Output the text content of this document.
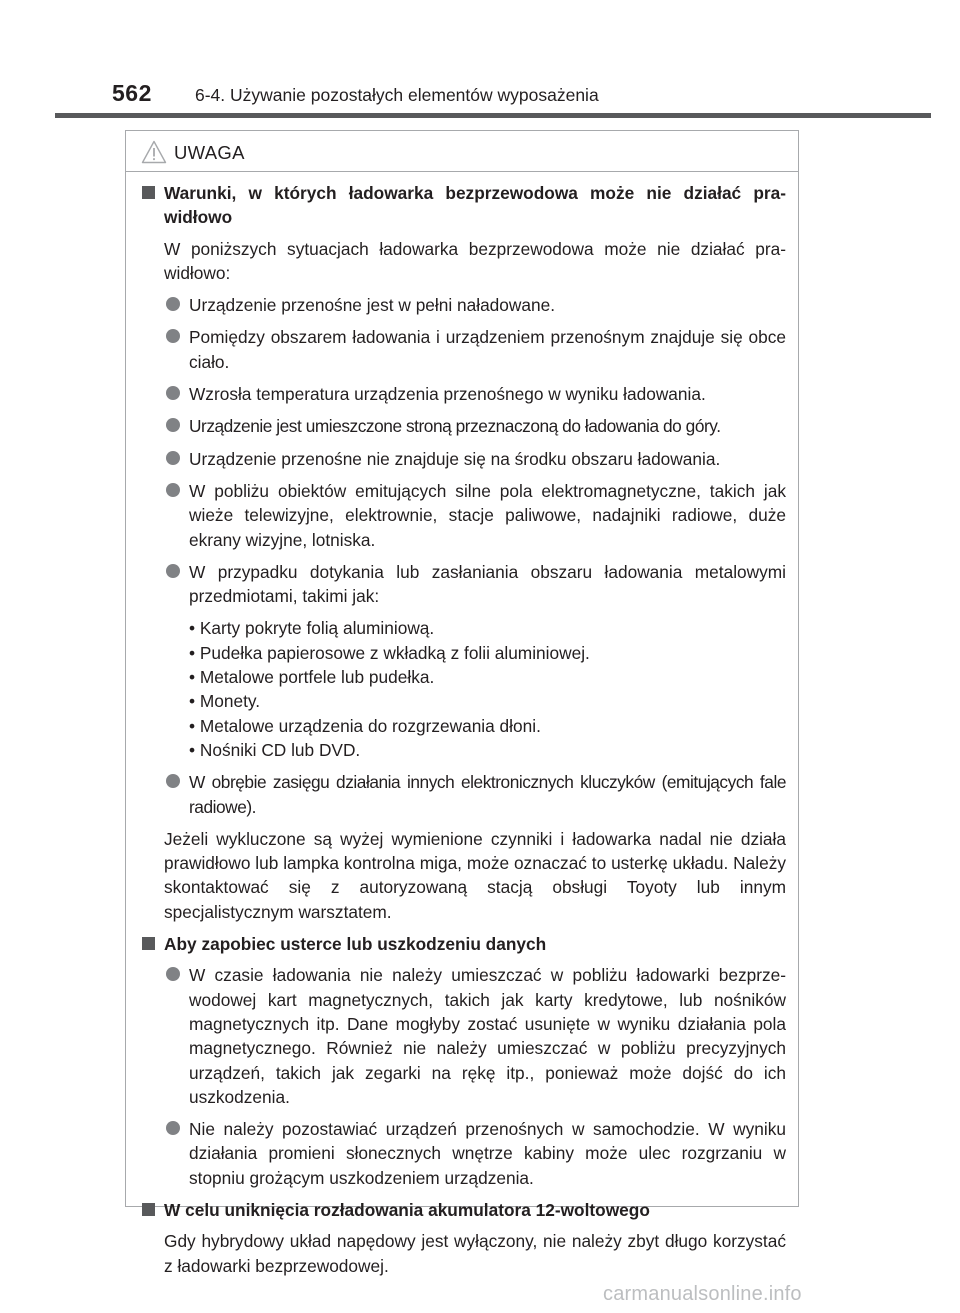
562 6-4. Używanie pozostałych elementów wyposażenia
UWAGA
Warunki, w których ładowarka bezprzewodowa może nie działać prawidłowo
W poniższych sytuacjach ładowarka bezprzewodowa może nie działać prawidłowo:
Urządzenie przenośne jest w pełni naładowane.
Pomiędzy obszarem ładowania i urządzeniem przenośnym znajduje się obce ciało.
Wzrosła temperatura urządzenia przenośnego w wyniku ładowania.
Urządzenie jest umieszczone stroną przeznaczoną do ładowania do góry.
Urządzenie przenośne nie znajduje się na środku obszaru ładowania.
W pobliżu obiektów emitujących silne pola elektromagnetyczne, takich jak wieże telewizyjne, elektrownie, stacje paliwowe, nadajniki radiowe, duże ekrany wizyjne, lotniska.
W przypadku dotykania lub zasłaniania obszaru ładowania metalowymi przedmiotami, takimi jak:
• Karty pokryte folią aluminiową.
• Pudełka papierosowe z wkładką z folii aluminiowej.
• Metalowe portfele lub pudełka.
• Monety.
• Metalowe urządzenia do rozgrzewania dłoni.
• Nośniki CD lub DVD.
W obrębie zasięgu działania innych elektronicznych kluczyków (emitujących fale radiowe).
Jeżeli wykluczone są wyżej wymienione czynniki i ładowarka nadal nie działa prawidłowo lub lampka kontrolna miga, może oznaczać to usterkę układu. Należy skontaktować się z autoryzowaną stacją obsługi Toyoty lub innym specjalistycznym warsztatem.
Aby zapobiec usterce lub uszkodzeniu danych
W czasie ładowania nie należy umieszczać w pobliżu ładowarki bezprzewodowej kart magnetycznych, takich jak karty kredytowe, lub nośników magnetycznych itp. Dane mogłyby zostać usunięte w wyniku działania pola magnetycznego. Również nie należy umieszczać w pobliżu precyzyjnych urządzeń, takich jak zegarki na rękę itp., ponieważ może dojść do ich uszkodzenia.
Nie należy pozostawiać urządzeń przenośnych w samochodzie. W wyniku działania promieni słonecznych wnętrze kabiny może ulec rozgrzaniu w stopniu grożącym uszkodzeniem urządzenia.
W celu uniknięcia rozładowania akumulatora 12-woltowego
Gdy hybrydowy układ napędowy jest wyłączony, nie należy zbyt długo korzystać z ładowarki bezprzewodowej.
carmanualsonline.info
